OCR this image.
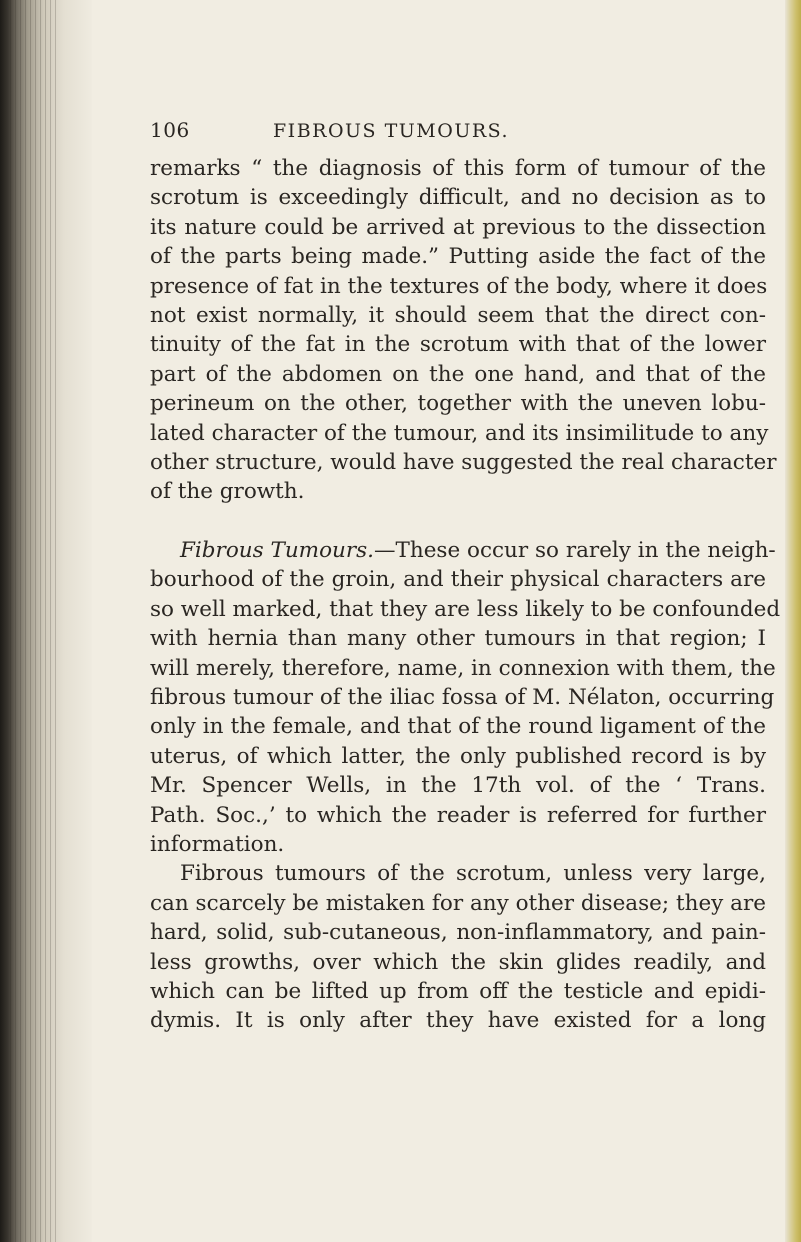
106	FIBROUS TUMOURS.
remarks “ the diagnosis of this form of tumour of the
scrotum is exceedingly difficult, and no decision as to
its nature could be arrived at previous to the dissection
of the parts being made.” Putting aside the fact of the
presence of fat in the textures of the body, where it does
not exist normally, it should seem that the direct con-
tinuity of the fat in the scrotum with that of the lower
part of the abdomen on the one hand, and that of the
perineum on the other, together with the uneven lobu-
lated character of the tumour, and its insimilitude to any
other structure, would have suggested the real character
of the growth.
Fibrous Tumours.—These occur so rarely in the neigh-
bourhood of the groin, and their physical characters are
so well marked, that they are less likely to be confounded
with hernia than many other tumours in that region; I
will merely, therefore, name, in connexion with them, the
fibrous tumour of the iliac fossa of M. Nélaton, occurring
only in the female, and that of the round ligament of the
uterus, of which latter, the only published record is by
Mr. Spencer Wells, in the 17th vol. of the ‘ Trans.
Path. Soc.,’ to which the reader is referred for further
information.
Fibrous tumours of the scrotum, unless very large,
can scarcely be mistaken for any other disease; they are
hard, solid, sub-cutaneous, non-inflammatory, and pain-
less growths, over which the skin glides readily, and
which can be lifted up from off the testicle and epidi-
dymis. It is only after they have existed for a long
